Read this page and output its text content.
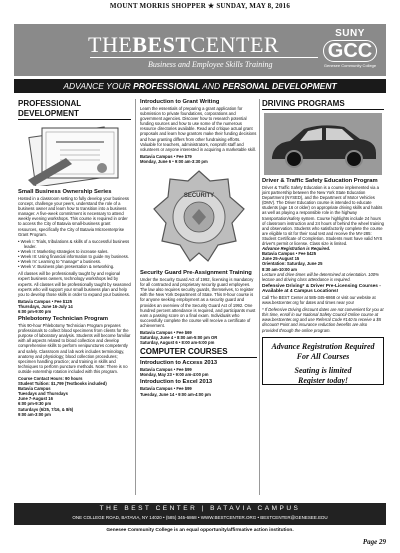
MOUNT MORRIS SHOPPER ★ SUNDAY, MAY 8, 2016
THEBESTCENTER
Business and Employee Skills Training
SUNY
GCC
Genesee Community College
ADVANCE YOUR PROFESSIONAL AND PERSONAL DEVELOPMENT
PROFESSIONAL DEVELOPMENT
Small Business Ownership Series
Hosted in a classroom setting to fully develop your business concept, challenge your peers, understand the role of a business owner and learn how to transition into a business manager. A five-week commitment is necessary to attend weekly evening workshops. This course is required in order to access the City of Batavia small-business grant resources, specifically the City of Batavia Microenterprise Grant Program.
• Week I: Trials, tribulations & skills of a successful business leader.
• Week II: Marketing strategies to increase sales.
• Week III: Using financial information to guide my business.
• Week IV: Learning to "manage" a business.
• Week V: Business plan presentation & networking.
All classes will be professionally taught by and regional expert business owners, technology workshops led by experts. All classes will be professionally taught by seasoned experts who will support your small business plan and help you to develop those skills in order to expand your business.
Batavia Campus • Fee $125
Thursdays, June 16-July 14
6:00 pm-9:00 pm
Phlebotomy Technician Program
This 90-hour Phlebotomy Technician Program prepares professionals to collect blood specimens from clients for the purpose of laboratory analysis. Students will become familiar with all aspects related to blood collection and develop comprehensive skills to perform venipunctures competently and safely. Classroom and lab work includes terminology, anatomy and physiology; blood collection procedures; specimen handling practice; and training in skills and techniques to perform puncture methods. Note: There is no outside externship rotation included with this program.
Course Contact Hours: 90 hours
Student Tuition: $1,799 (Textbooks included)
Batavia Campus
Tuesdays and Thursdays
June 7-August 16
6:00 pm-9:30 pm
Saturdays (6/25, 7/16, & 8/6)
9:00 am-3:00 pm
Introduction to Grant Writing
Learn the essentials of preparing a grant application for submission to private foundations, corporations and government agencies. Discover how to research potential funding sources and how to use some of the numerous resource directories available. Read and critique actual grant proposals and learn how grantors make their funding decisions and how granting differs from other fundraising efforts. Valuable for teachers, administrators, nonprofit staff and volunteers or anyone interested in acquiring a marketable skill.
Batavia Campus • Fee $79
Monday, June 6 • 9:00 am-3:30 pm
SECURITY
Security Guard Pre-Assignment Training
Under the Security Guard Act of 1992, licensing is mandatory for all contracted and proprietary security guard employees. The law also requires security guards, themselves, to register with the New York Department of State. This 8-hour course is for anyone seeking employment as a security guard and provides an overview of the Security Guard Act of 1992. One hundred percent attendance is required, and participants must earn a passing score on a final exam. Individuals who successfully complete the course will receive a certificate of achievement.
Batavia Campus • Fee $69
Saturday, June 4 • 8:00 am-5:00 pm OR
Saturday, August 6 • 8:00 am-5:00 pm
COMPUTER COURSES
Introduction to Access 2013
Batavia Campus • Fee $99
Monday, May 23 • 9:00 am-4:00 pm
Introduction to Excel 2013
Batavia Campus • Fee $99
Tuesday, June 14 • 9:00 am-4:00 pm
DRIVING PROGRAMS
Driver & Traffic Safety Education Program
Driver & Traffic Safety Education is a course implemented via a joint partnership between the New York State Education Department (NYSED), and the Department of Motor Vehicles (DMV). The Driver Education course is intended to educate students (age 16 or older) on appropriate driving skills and habits as well as playing a responsible role in the highway transportation/safety system. Course highlights include 24 hours of classroom instruction and 24 hours of behind the wheel training and observation. Students who satisfactorily complete the course are eligible to sit for their road test and receive the MV-285: Student Certificate of Completion. Students must have valid NYS driver's permit or license. Class size is limited.
Advance Registration is Required.
Batavia Campus • Fee $425
June 25-August 15
Orientation: Saturday, June 25
8:30 am-10:00 am
Lecture and drive times will be determined at orientation. 100% lecture and driving class attendance is required.
Defensive Driving* & Driver Pre-Licensing Courses - Available at 4 Campus Locations!
Call The BEST Center at 585-345-6868 or visit our website at www.bestcenter.org for dates and times near you!
* If Defensive Driving discount dates are not convenient for you at this time, enroll in our National Safety Council Online course at www.bestcenter.org and use Referral Code #140 to receive a $5 discount! Point and insurance reduction benefits are also provided through the online program.
Advance Registration Required
For All Courses
Seating is limited
Register today!
THE BEST CENTER | BATAVIA CAMPUS
ONE COLLEGE ROAD, BATAVIA, NY 14020 • (585) 345-6868 • WWW.BESTCENTER.ORG • BESTCENTER@GENESEE.EDU
Genesee Community College is an equal opportunity/affirmative action institution.
Page 29
